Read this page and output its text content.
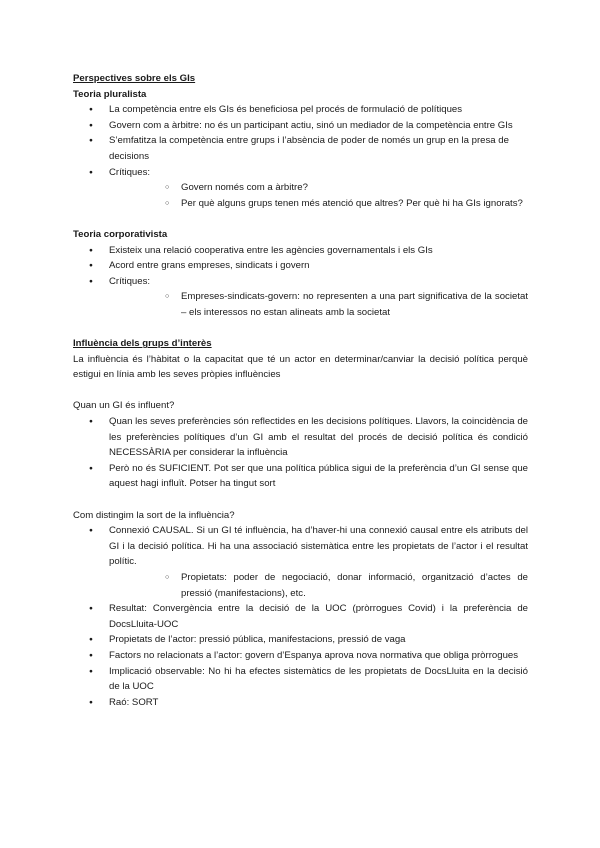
Perspectives sobre els GIs
Teoria pluralista
● La competència entre els GIs és beneficiosa pel procés de formulació de polítiques
● Govern com a àrbitre: no és un participant actiu, sinó un mediador de la competència entre GIs
● S’emfatitza la competència entre grups i l’absència de poder de només un grup en la presa de decisions
● Crítiques:
○ Govern només com a àrbitre?
○ Per què alguns grups tenen més atenció que altres? Per què hi ha GIs ignorats?
Teoria corporativista
● Existeix una relació cooperativa entre les agències governamentals i els GIs
● Acord entre grans empreses, sindicats i govern
● Crítiques:
○ Empreses-sindicats-govern: no representen a una part significativa de la societat – els interessos no estan alineats amb la societat
Influència dels grups d’interès
La influència és l’hàbitat o la capacitat que té un actor en determinar/canviar la decisió política perquè estigui en línia amb les seves pròpies influències
Quan un GI és influent?
● Quan les seves preferències són reflectides en les decisions polítiques. Llavors, la coincidència de les preferències polítiques d’un GI amb el resultat del procés de decisió política és condició NECESSÀRIA per considerar la influència
● Però no és SUFICIENT. Pot ser que una política pública sigui de la preferència d’un GI sense que aquest hagi influït. Potser ha tingut sort
Com distingim la sort de la influència?
● Connexió CAUSAL. Si un GI té influència, ha d’haver-hi una connexió causal entre els atributs del GI i la decisió política. Hi ha una associació sistemàtica entre les propietats de l’actor i el resultat polític.
○ Propietats: poder de negociació, donar informació, organització d’actes de pressió (manifestacions), etc.
● Resultat: Convergència entre la decisió de la UOC (pròrrogues Covid) i la preferència de DocsLluita-UOC
● Propietats de l’actor: pressió pública, manifestacions, pressió de vaga
● Factors no relacionats a l’actor: govern d’Espanya aprova nova normativa que obliga pròrrogues
● Implicació observable: No hi ha efectes sistemàtics de les propietats de DocsLluita en la decisió de la UOC
● Raó: SORT
